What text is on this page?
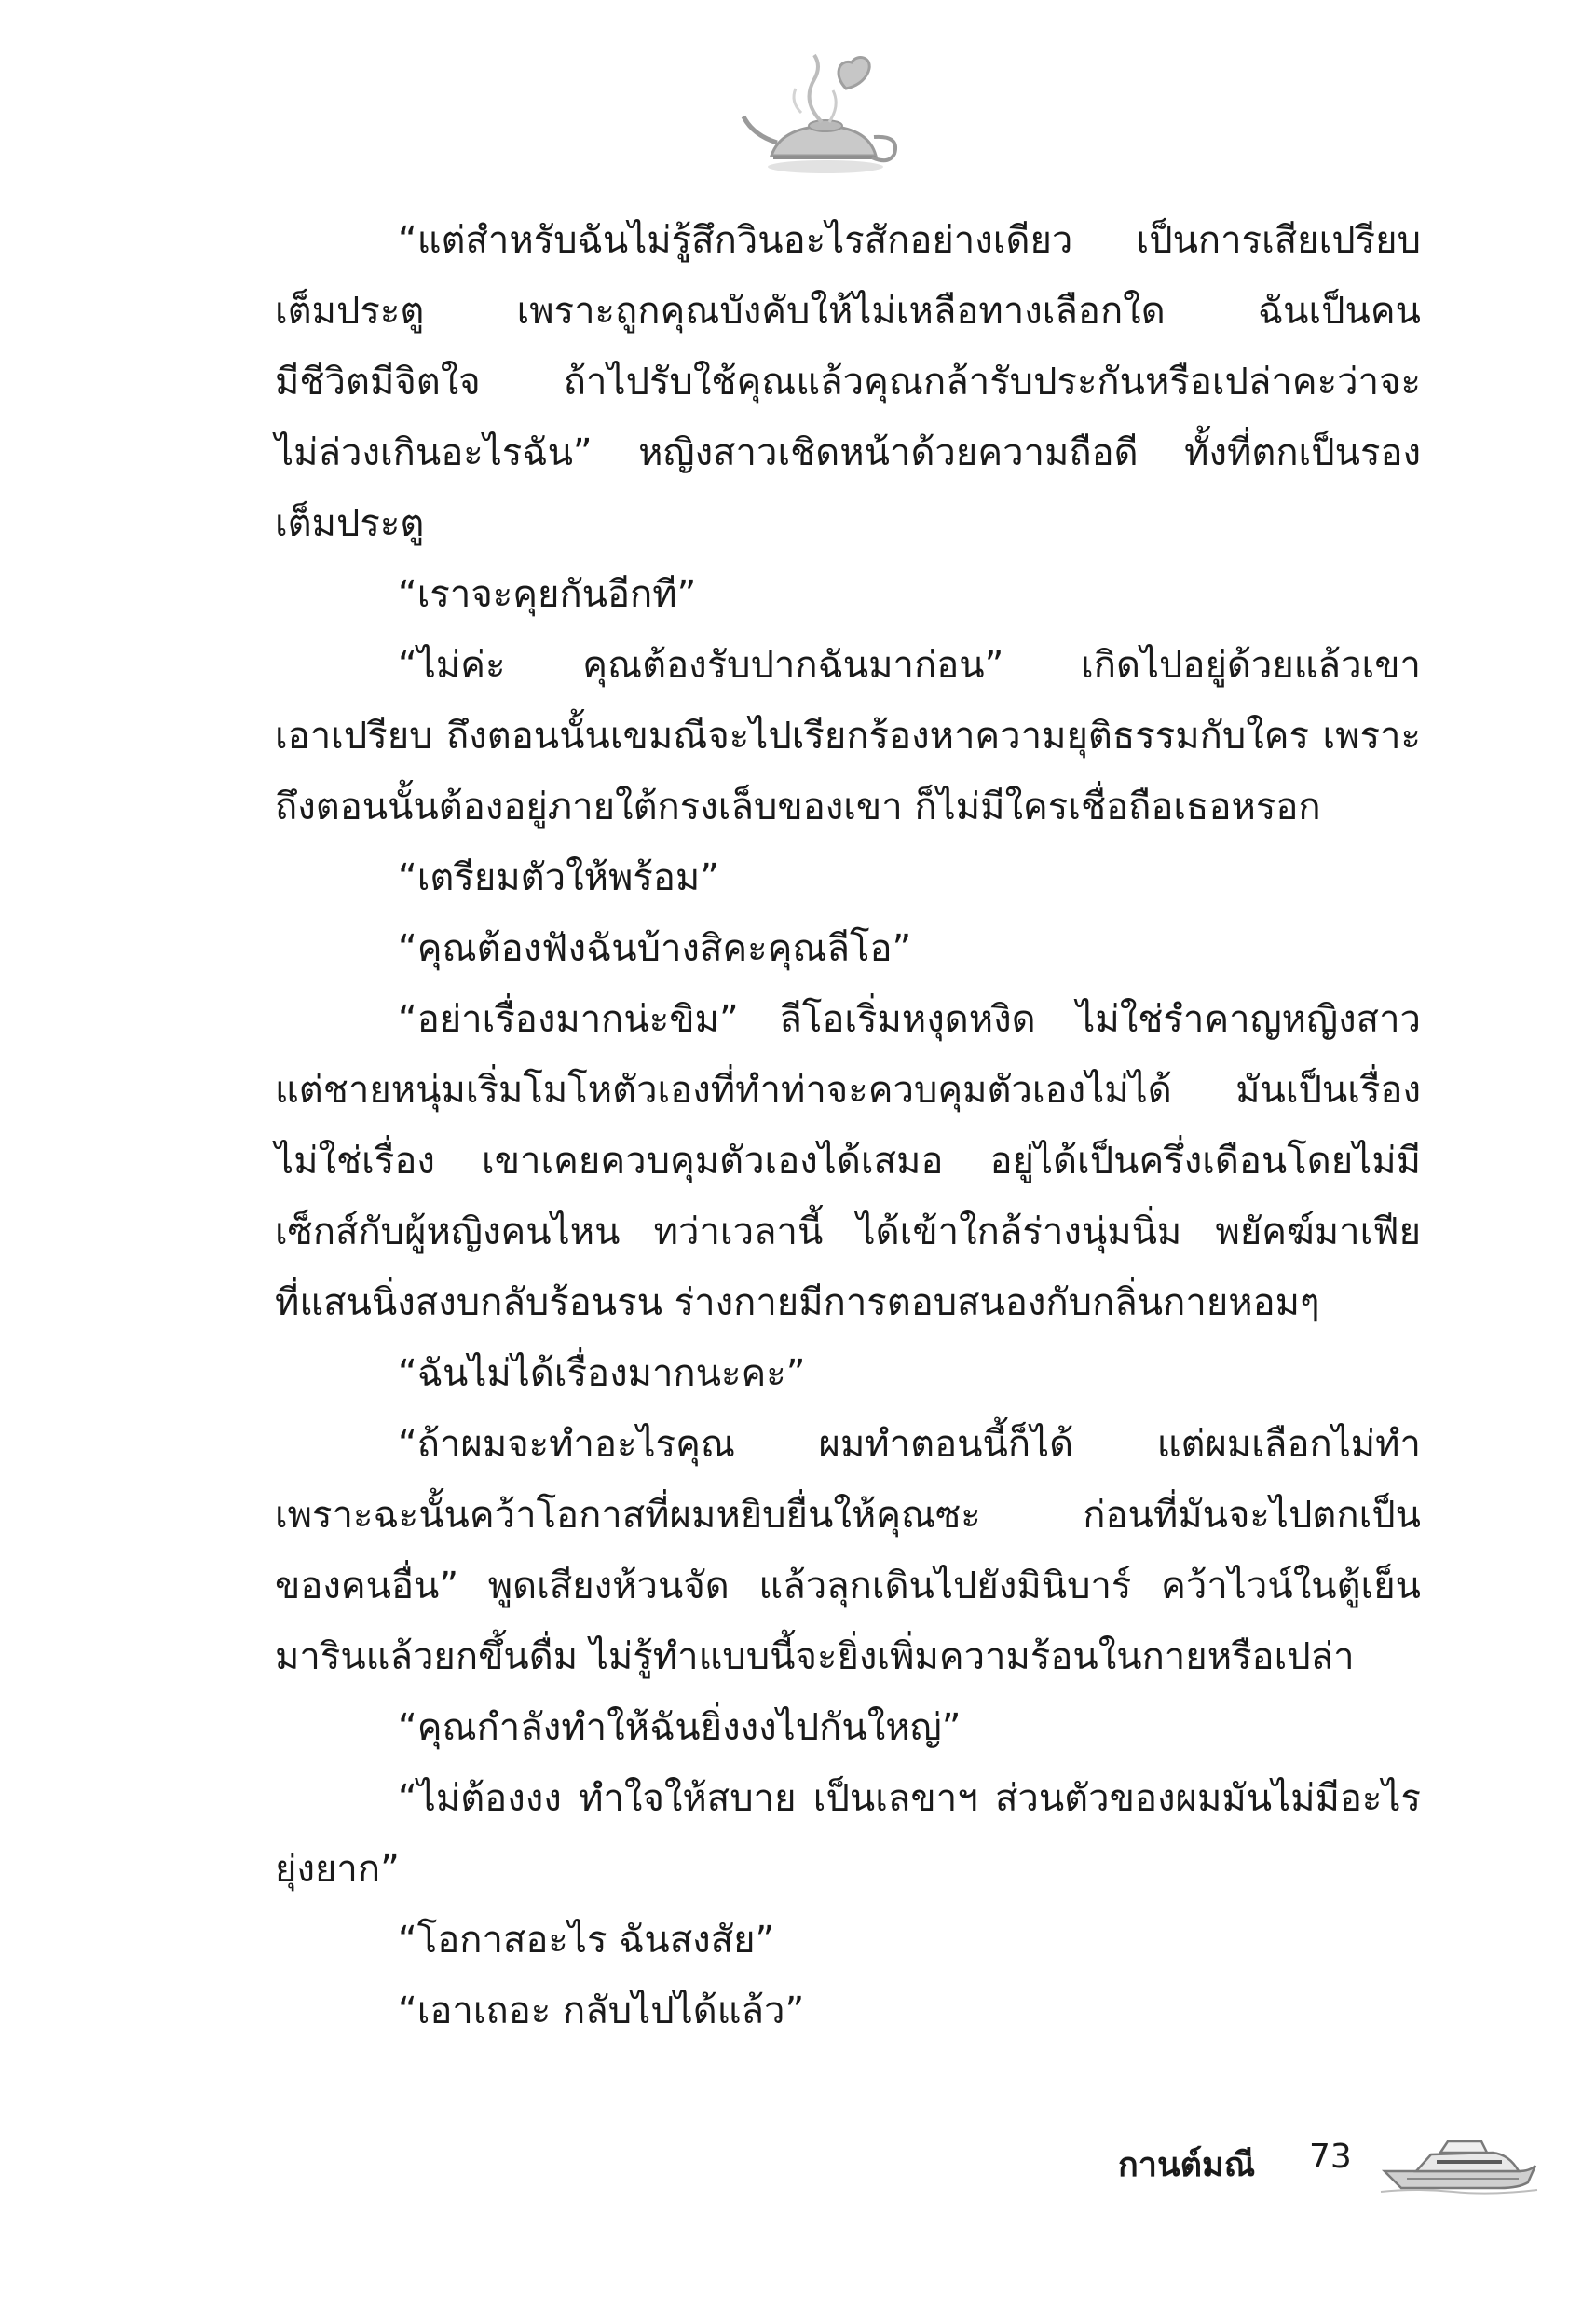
“แต่สำหรับฉันไม่รู้สึกวินอะไรสักอย่างเดียว เป็นการเสียเปรียบ
เต็มประตู เพราะถูกคุณบังคับให้ไม่เหลือทางเลือกใด ฉันเป็นคน
มีชีวิตมีจิตใจ ถ้าไปรับใช้คุณแล้วคุณกล้ารับประกันหรือเปล่าคะว่าจะ
ไม่ล่วงเกินอะไรฉัน” หญิงสาวเชิดหน้าด้วยความถือดี ทั้งที่ตกเป็นรอง
เต็มประตู

“เราจะคุยกันอีกที”

“ไม่ค่ะ คุณต้องรับปากฉันมาก่อน” เกิดไปอยู่ด้วยแล้วเขา
เอาเปรียบ ถึงตอนนั้นเขมณีจะไปเรียกร้องหาความยุติธรรมกับใคร เพราะ
ถึงตอนนั้นต้องอยู่ภายใต้กรงเล็บของเขา ก็ไม่มีใครเชื่อถือเธอหรอก

“เตรียมตัวให้พร้อม”

“คุณต้องฟังฉันบ้างสิคะคุณลีโอ”

“อย่าเรื่องมากน่ะขิม” ลีโอเริ่มหงุดหงิด ไม่ใช่รำคาญหญิงสาว
แต่ชายหนุ่มเริ่มโมโหตัวเองที่ทำท่าจะควบคุมตัวเองไม่ได้ มันเป็นเรื่อง
ไม่ใช่เรื่อง เขาเคยควบคุมตัวเองได้เสมอ อยู่ได้เป็นครึ่งเดือนโดยไม่มี
เซ็กส์กับผู้หญิงคนไหน ทว่าเวลานี้ ได้เข้าใกล้ร่างนุ่มนิ่ม พยัคฆ์มาเฟีย
ที่แสนนิ่งสงบกลับร้อนรน ร่างกายมีการตอบสนองกับกลิ่นกายหอมๆ

“ฉันไม่ได้เรื่องมากนะคะ”

“ถ้าผมจะทำอะไรคุณ ผมทำตอนนี้ก็ได้ แต่ผมเลือกไม่ทำ
เพราะฉะนั้นคว้าโอกาสที่ผมหยิบยื่นให้คุณซะ ก่อนที่มันจะไปตกเป็น
ของคนอื่น” พูดเสียงห้วนจัด แล้วลุกเดินไปยังมินิบาร์ คว้าไวน์ในตู้เย็น
มารินแล้วยกขึ้นดื่ม ไม่รู้ทำแบบนี้จะยิ่งเพิ่มความร้อนในกายหรือเปล่า

“คุณกำลังทำให้ฉันยิ่งงงไปกันใหญ่”

“ไม่ต้องงง ทำใจให้สบาย เป็นเลขาฯ ส่วนตัวของผมมันไม่มีอะไร
ยุ่งยาก”

“โอกาสอะไร ฉันสงสัย”

“เอาเถอะ กลับไปได้แล้ว”

กานต์มณี 73
